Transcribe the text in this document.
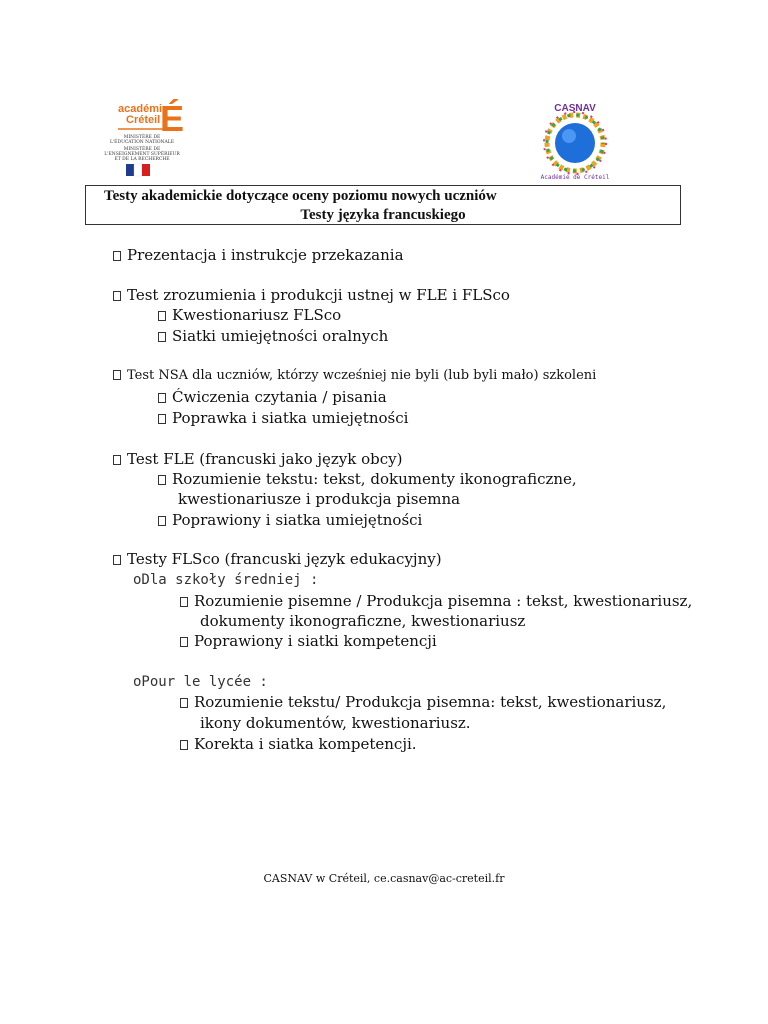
académie
Créteil É
MINISTÈRE DE
L'ÉDUCATION NATIONALE
MINISTÈRE DE
L'ENSEIGNEMENT SUPÉRIEUR
ET DE LA RECHERCHE
CASNAV
Académie de Créteil
Testy akademickie dotyczące oceny poziomu nowych uczniów
Testy języka francuskiego
Prezentacja i instrukcje przekazania
Test zrozumienia i produkcji ustnej w FLE i FLSco
Kwestionariusz FLSco
Siatki umiejętności oralnych
Test NSA dla uczniów, którzy wcześniej nie byli (lub byli mało) szkoleni
Ćwiczenia czytania / pisania
Poprawka i siatka umiejętności
Test FLE (francuski jako język obcy)
Rozumienie tekstu: tekst, dokumenty ikonograficzne,
kwestionariusze i produkcja pisemna
Poprawiony i siatka umiejętności
Testy FLSco (francuski język edukacyjny)
oDla szkoły średniej :
Rozumienie pisemne / Produkcja pisemna : tekst, kwestionariusz,
dokumenty ikonograficzne, kwestionariusz
Poprawiony i siatki kompetencji
oPour le lycée :
Rozumienie tekstu/ Produkcja pisemna: tekst, kwestionariusz,
ikony dokumentów, kwestionariusz.
Korekta i siatka kompetencji.
CASNAV w Créteil, ce.casnav@ac-creteil.fr
